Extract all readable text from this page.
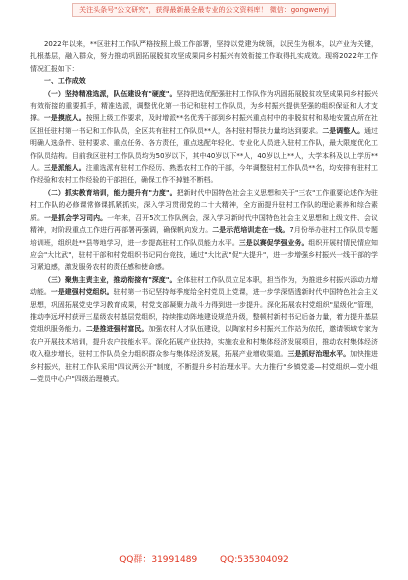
关注头条号"公文研究"，获得最新最全最专业的公文资料库！ 微信：gongwenyj

2022年以来，**区驻村工作队严格按照上级工作部署，坚持以党建为统领，以民生为根本，以产业为关键，扎根基层，融入群众，努力推动巩固拓展脱贫攻坚成果同乡村振兴有效衔接工作取得扎实成效。现将2022年工作情况汇报如下：

一、工作成效

（一）坚持精准选派，队伍建设有"硬度"。坚持把选优配强驻村工作队作为巩固拓展脱贫攻坚成果同乡村振兴有效衔接的重要抓手，精准选派，调整优化第一书记和驻村工作队员，为乡村振兴提供坚强的组织保证和人才支撑。一是摸底人。按照上级工作要求，及时增派**名优秀干部到乡村振兴重点村中的非脱贫村和易地安置点所在社区担任驻村第一书记和工作队员，全区共有驻村工作队员**人，各村驻村帮扶力量均达到要求。二是调整人。通过明确人选条件、驻村要求、重点任务、各方责任，重点选配年轻化、专业化人员进入驻村工作队，最大限度优化工作队员结构。目前我区驻村工作队员均为50岁以下，其中40岁以下**人，40岁以上**人，大学本科及以上学历**人。三是派能人。注重选派有驻村工作经历、熟悉农村工作的干部，今年调整驻村工作队员**名，均安排有驻村工作经验和农村工作经验的干部担任，确保工作不掉链不断档。

（二）抓实教育培训，能力提升有"力度"。把新时代中国特色社会主义思想和关于"三农"工作重要论述作为驻村工作队的必修课常修课抓紧抓实，深入学习贯彻党的二十大精神，全方面提升驻村工作队的理论素养和综合素质。一是抓会学习司内。一年来，召开5次工作队例会，深入学习新时代中国特色社会主义思想和上级文件、会议精神，对阶段重点工作进行再部署再强调，确保帆向发力。二是示范培训走在一线。7月份举办驻村工作队员专题培训班，组织赴**县等地学习，进一步提高驻村工作队员能力水平。三是以赛促学强业务。组织开展村情民情应知应会"大比武"，驻村干部和村党组织书记同台竞技，通过"大比武"促"大提升"，进一步增强乡村振兴一线干部的学习紧迫感，激发服务农村的责任感和使命感。

（三）聚焦主责主业，推动衔接有"深度"。全体驻村工作队员立足本职，担当作为，为推进乡村振兴添动力增动能。一是建强村党组织。驻村第一书记坚持每季度给全村党员上党课，进一步学深悟透新时代中国特色社会主义思想，巩固拓展党史学习教育成果，村党支部凝聚力战斗力得到进一步提升。深化拓展农村党组织"星级化"管理，推动李远坪村获评三星级农村基层党组织，持续推动阵地建设规范升级，整顿村新村书记后备力量，着力提升基层党组织服务能力。二是推进强村富民。加强农村人才队伍建设，以陶家村乡村振兴工作站为依托，邀请领域专家为农户开展技术培训，提升农户技能水平。深化拓展产业扶持，实施农业和村集体经济发展项目，推动农村集体经济收入稳步增长，驻村工作队员全力组织群众参与集体经济发展，拓展产业增收渠道。三是抓好治理水平。加快推进乡村振兴，驻村工作队采用"四议两公开"制度，不断提升乡村治理水平。大力推行"乡镇党委—村党组织—党小组—党员中心户"四级治理模式。

QQ群：31991489	QQ:535304092
